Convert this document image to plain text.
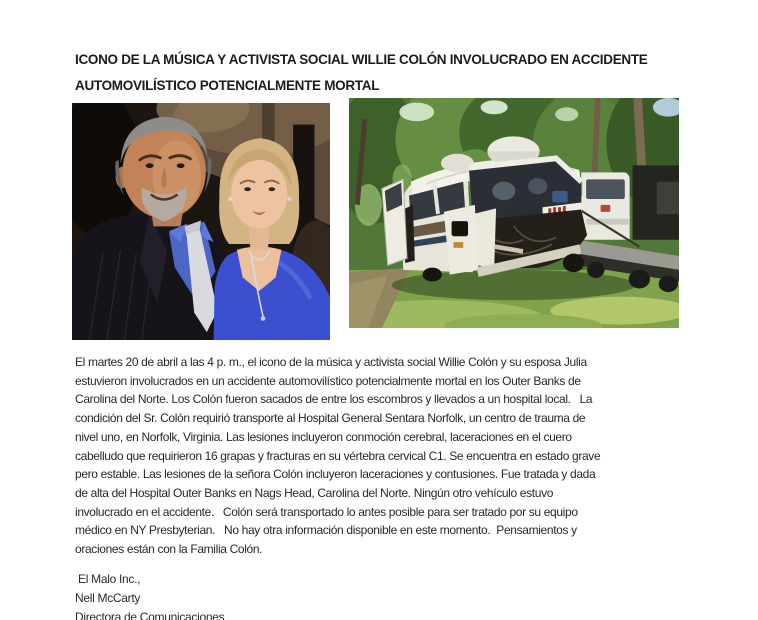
ICONO DE LA MÚSICA Y ACTIVISTA SOCIAL WILLIE COLÓN INVOLUCRADO EN ACCIDENTE AUTOMOVILÍSTICO POTENCIALMENTE MORTAL
El martes 20 de abril a las 4 p. m., el icono de la música y activista social Willie Colón y su esposa Julia
estuvieron involucrados en un accidente automovilístico potencialmente mortal en los Outer Banks de
Carolina del Norte. Los Colón fueron sacados de entre los escombros y llevados a un hospital local.   La
condición del Sr. Colón requirió transporte al Hospital General Sentara Norfolk, un centro de trauma de
nivel uno, en Norfolk, Virginia. Las lesiones incluyeron conmoción cerebral, laceraciones en el cuero
cabelludo que requirieron 16 grapas y fracturas en su vértebra cervical C1. Se encuentra en estado grave
pero estable. Las lesiones de la señora Colón incluyeron laceraciones y contusiones. Fue tratada y dada
de alta del Hospital Outer Banks en Nags Head, Carolina del Norte. Ningún otro vehículo estuvo
involucrado en el accidente.   Colón será transportado lo antes posible para ser tratado por su equipo
médico en NY Presbyterian.   No hay otra información disponible en este momento.  Pensamientos y
oraciones están con la Familia Colón.
El Malo Inc.,
Nell McCarty
Directora de Comunicaciones
